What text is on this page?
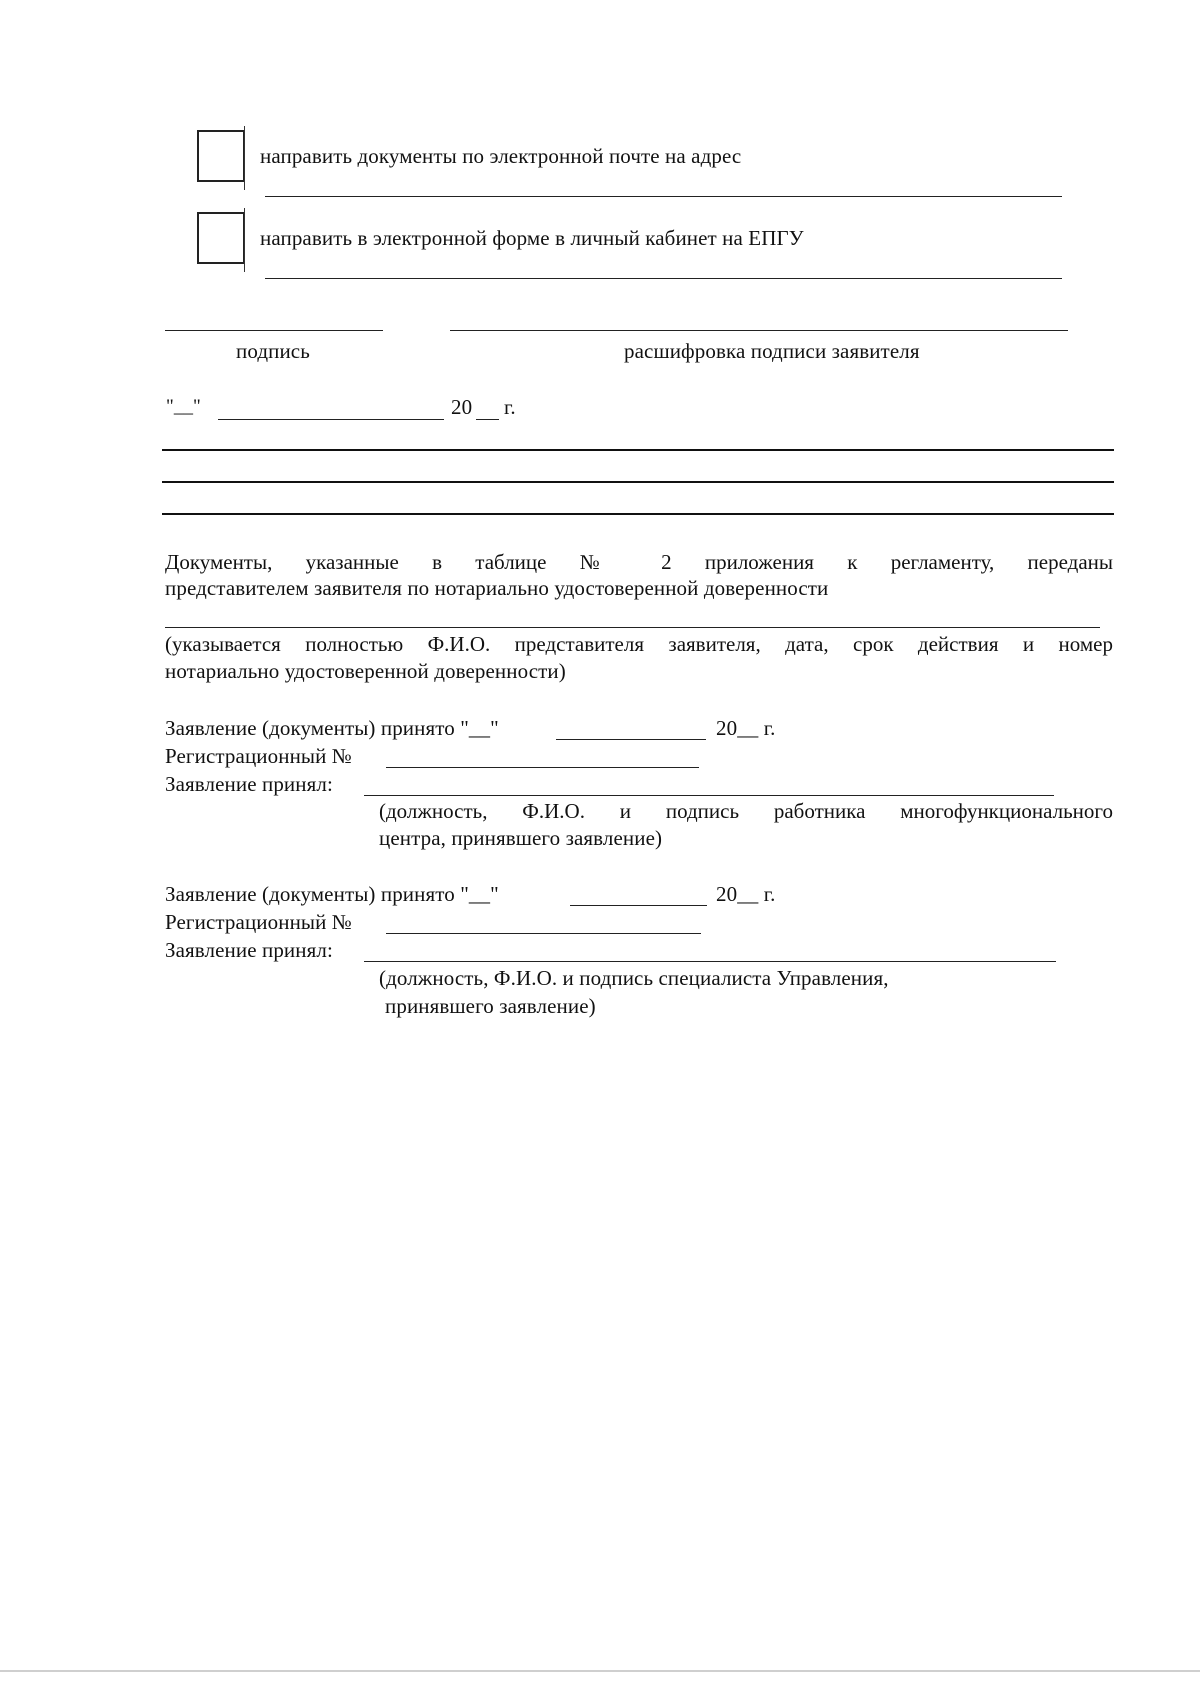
направить документы по электронной почте на адрес
направить в электронной форме в личный кабинет на ЕПГУ
подпись	расшифровка подписи заявителя
"__"	20 г.
Документы, указанные в таблице № 2 приложения к регламенту, переданы
представителем заявителя по нотариально удостоверенной доверенности
(указывается полностью Ф.И.О. представителя заявителя, дата, срок действия и номер
нотариально удостоверенной доверенности)
Заявление (документы) принято "__"	20__ г.
Регистрационный №
Заявление принял:
(должность, Ф.И.О. и подпись работника многофункционального
центра, принявшего заявление)
Заявление (документы) принято "__"	20__ г.
Регистрационный №
Заявление принял:
(должность, Ф.И.О. и подпись специалиста Управления,
принявшего заявление)
